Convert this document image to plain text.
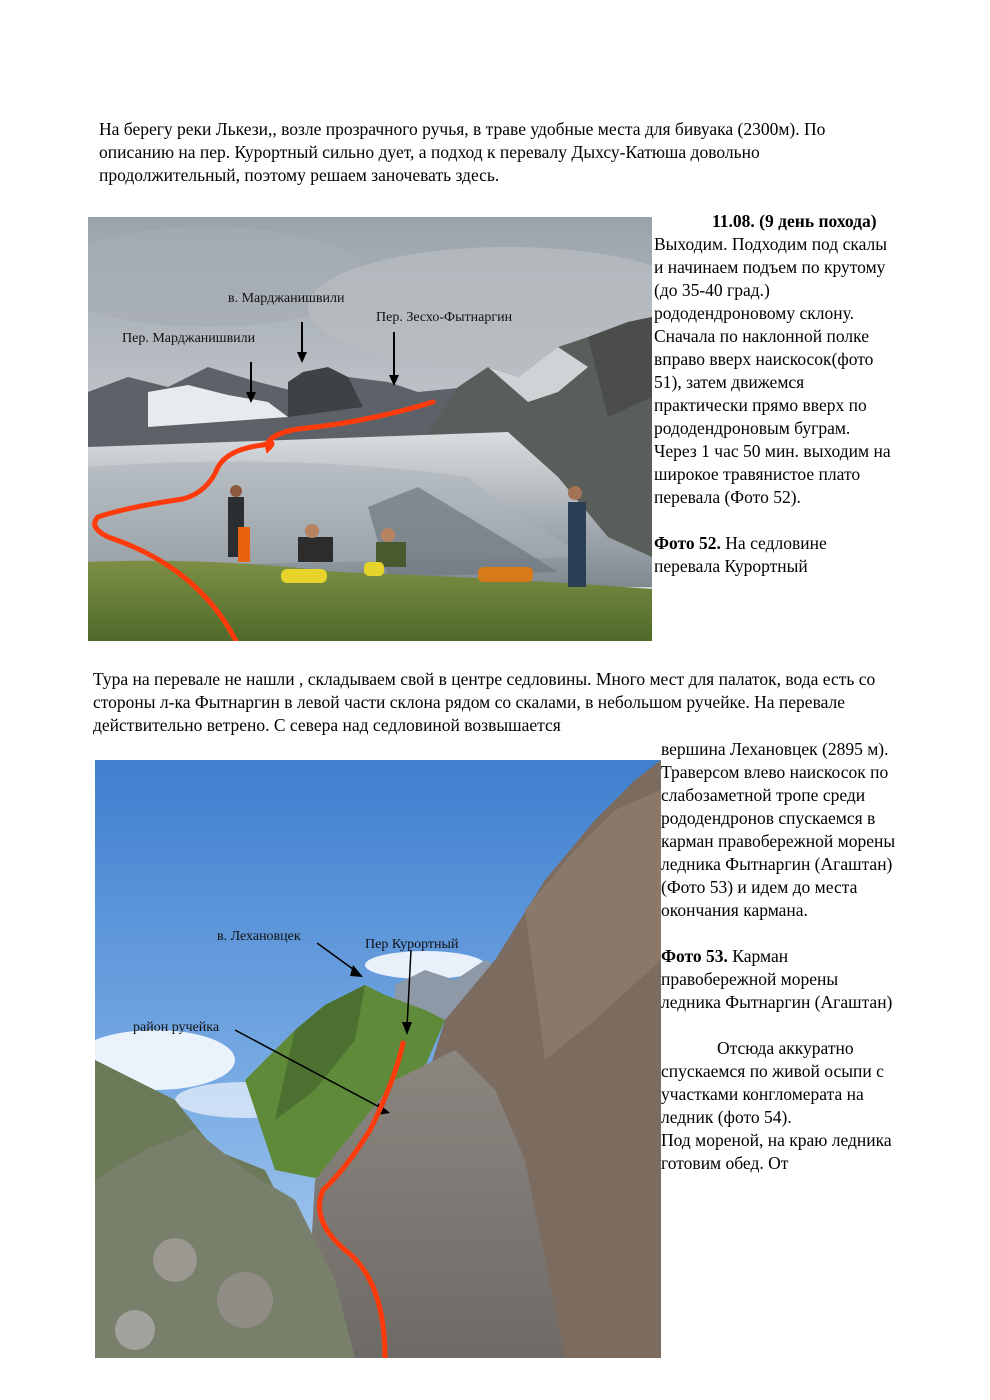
На берегу реки Лькези,, возле прозрачного ручья, в траве удобные места для бивуака (2300м). По описанию на пер. Курортный сильно дует, а подход к перевалу Дыхсу-Катюша довольно продолжительный, поэтому решаем заночевать здесь.

в. Марджанишвили
Пер. Марджанишвили
Пер. Зесхо-Фытнаргин

11.08. (9 день похода) Выходим. Подходим под скалы и начинаем подъем по крутому (до 35-40 град.) рододендроновому склону. Сначала по наклонной полке вправо вверх наискосок(фото 51), затем движемся практически прямо вверх по рододендроновым буграм. Через 1 час 50 мин. выходим на широкое травянистое плато перевала (Фото 52).

Фото 52. На седловине перевала Курортный

Тура на перевале не нашли , складываем свой в центре седловины. Много мест для палаток, вода есть со стороны л-ка Фытнаргин в левой части склона рядом со скалами, в небольшом ручейке. На перевале действительно ветрено. С севера над седловиной возвышается

в. Лехановцек
Пер Курортный
район ручейка

вершина Лехановцек (2895 м). Траверсом влево наискосок по слабозаметной тропе среди рододендронов спускаемся в карман правобережной морены ледника Фытнаргин (Агаштан) (Фото 53) и идем до места окончания кармана.

Фото 53. Карман правобережной морены ледника Фытнаргин (Агаштан)

Отсюда аккуратно спускаемся по живой осыпи с участками конгломерата на ледник (фото 54).

Под мореной, на краю ледника готовим обед. От
